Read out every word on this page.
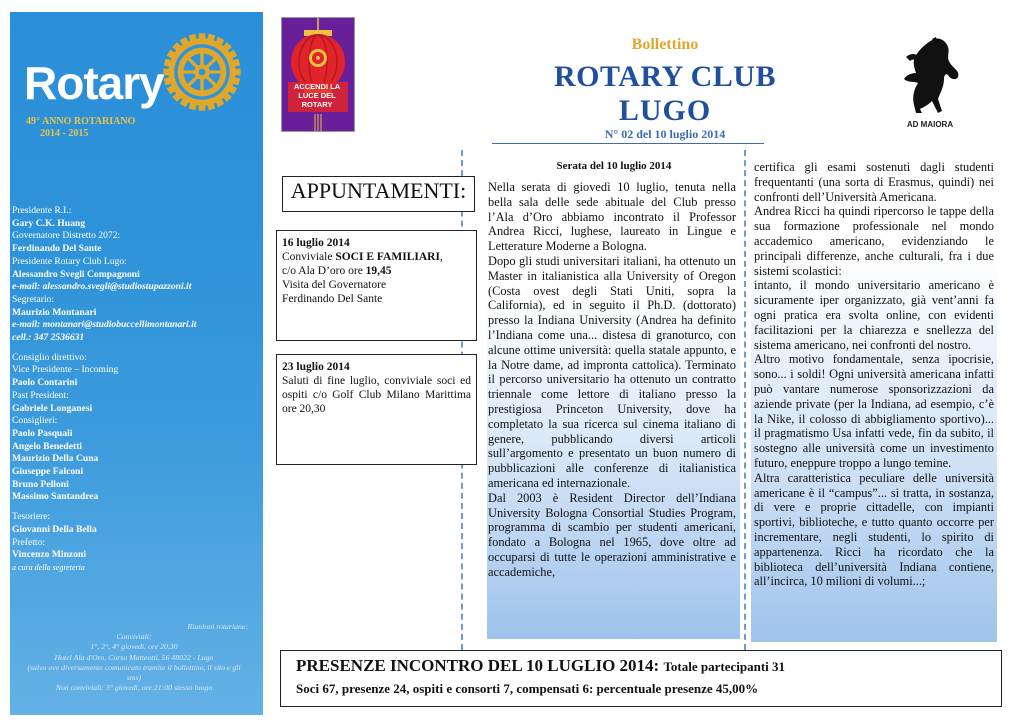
Rotary
49° ANNO ROTARIANO
2014 - 2015
Presidente R.I.:
Gary C.K. Huang
Governatore Distretto 2072:
Ferdinando Del Sante
Presidente Rotary Club Lugo:
Alessandro Svegli Compagnoni
e-mail: alessandro.svegli@studiostupazzoni.it
Segretario:
Maurizio Montanari
e-mail: montanari@studiobuccellimontanari.it
cell.: 347 2536631
Consiglio direttivo:
Vice Presidente – Incoming
Paolo Contarini
Past President:
Gabriele Longanesi
Consiglieri:
Paolo Pasquali
Angelo Benedetti
Maurizio Della Cuna
Giuseppe Falconi
Bruno Pelloni
Massimo Santandrea
Tesoriere:
Giovanni Della Bella
Prefetto:
Vincenzo Minzoni
a cura della segreteria
Riunioni rotariane:
Conviviali:
1°, 2°, 4° giovedì, ore 20,30
Hotel Ala d'Oro, Corso Matteotti, 56 48022 - Lugo
(salvo ove diversamente comunicato tramite il bollettino, il sito e gli sms)
Non conviviali: 3° giovedì, ore 21:00 stesso luogo
ACCENDI LA
LUCE DEL ROTARY
Bollettino
ROTARY CLUB
LUGO
N° 02 del 10 luglio 2014
AD MAIORA
APPUNTAMENTI:
16 luglio 2014
Conviviale SOCI E FAMILIARI,
c/o Ala D’oro ore 19,45
Visita del Governatore
Ferdinando Del Sante
23 luglio 2014
Saluti di fine luglio, conviviale soci ed ospiti c/o Golf Club Milano Marittima ore 20,30
Serata del 10 luglio 2014

Nella serata di giovedì 10 luglio, tenuta nella bella sala delle sede abituale del Club presso l’Ala d’Oro abbiamo incontrato il Professor Andrea Ricci, lughese, laureato in Lingue e Letterature Moderne a Bologna.

Dopo gli studi universitari italiani, ha ottenuto un Master in italianistica alla University of Oregon (Costa ovest degli Stati Uniti, sopra la California), ed in seguito il Ph.D. (dottorato) presso la Indiana University (Andrea ha definito l’Indiana come una... distesa di granoturco, con alcune ottime università: quella statale appunto, e la Notre dame, ad impronta cattolica). Terminato il percorso universitario ha ottenuto un contratto triennale come lettore di italiano presso la prestigiosa Princeton University, dove ha completato la sua ricerca sul cinema italiano di genere, pubblicando diversi articoli sull’argomento e presentato un buon numero di pubblicazioni alle conferenze di italianistica americana ed internazionale.

Dal 2003 è Resident Director dell’Indiana University Bologna Consortial Studies Program, programma di scambio per studenti americani, fondato a Bologna nel 1965, dove oltre ad occuparsi di tutte le operazioni amministrative e accademiche,

certifica gli esami sostenuti dagli studenti frequentanti (una sorta di Erasmus, quindi) nei confronti dell’Università Americana.

Andrea Ricci ha quindi ripercorso le tappe della sua formazione professionale nel mondo accademico americano, evidenziando le principali differenze, anche culturali, fra i due sistemi scolastici:

intanto, il mondo universitario americano è sicuramente iper organizzato, già vent’anni fa ogni pratica era svolta online, con evidenti facilitazioni per la chiarezza e snellezza del sistema americano, nei confronti del nostro.

Altro motivo fondamentale, senza ipocrisie, sono... i soldi! Ogni università americana infatti può vantare numerose sponsorizzazioni da aziende private (per la Indiana, ad esempio, c’è la Nike, il colosso di abbigliamento sportivo)... il pragmatismo Usa infatti vede, fin da subito, il sostegno alle università come un investimento futuro, eneppure troppo a lungo temine.

Altra caratteristica peculiare delle università americane è il “campus”... si tratta, in sostanza, di vere e proprie cittadelle, con impianti sportivi, biblioteche, e tutto quanto occorre per incrementare, negli studenti, lo spirito di appartenenza. Ricci ha ricordato che la biblioteca dell’università Indiana contiene, all’incirca, 10 milioni di volumi...;

PRESENZE INCONTRO DEL 10 LUGLIO 2014: Totale partecipanti 31
Soci 67, presenze 24, ospiti e consorti 7, compensati 6: percentuale presenze 45,00%
